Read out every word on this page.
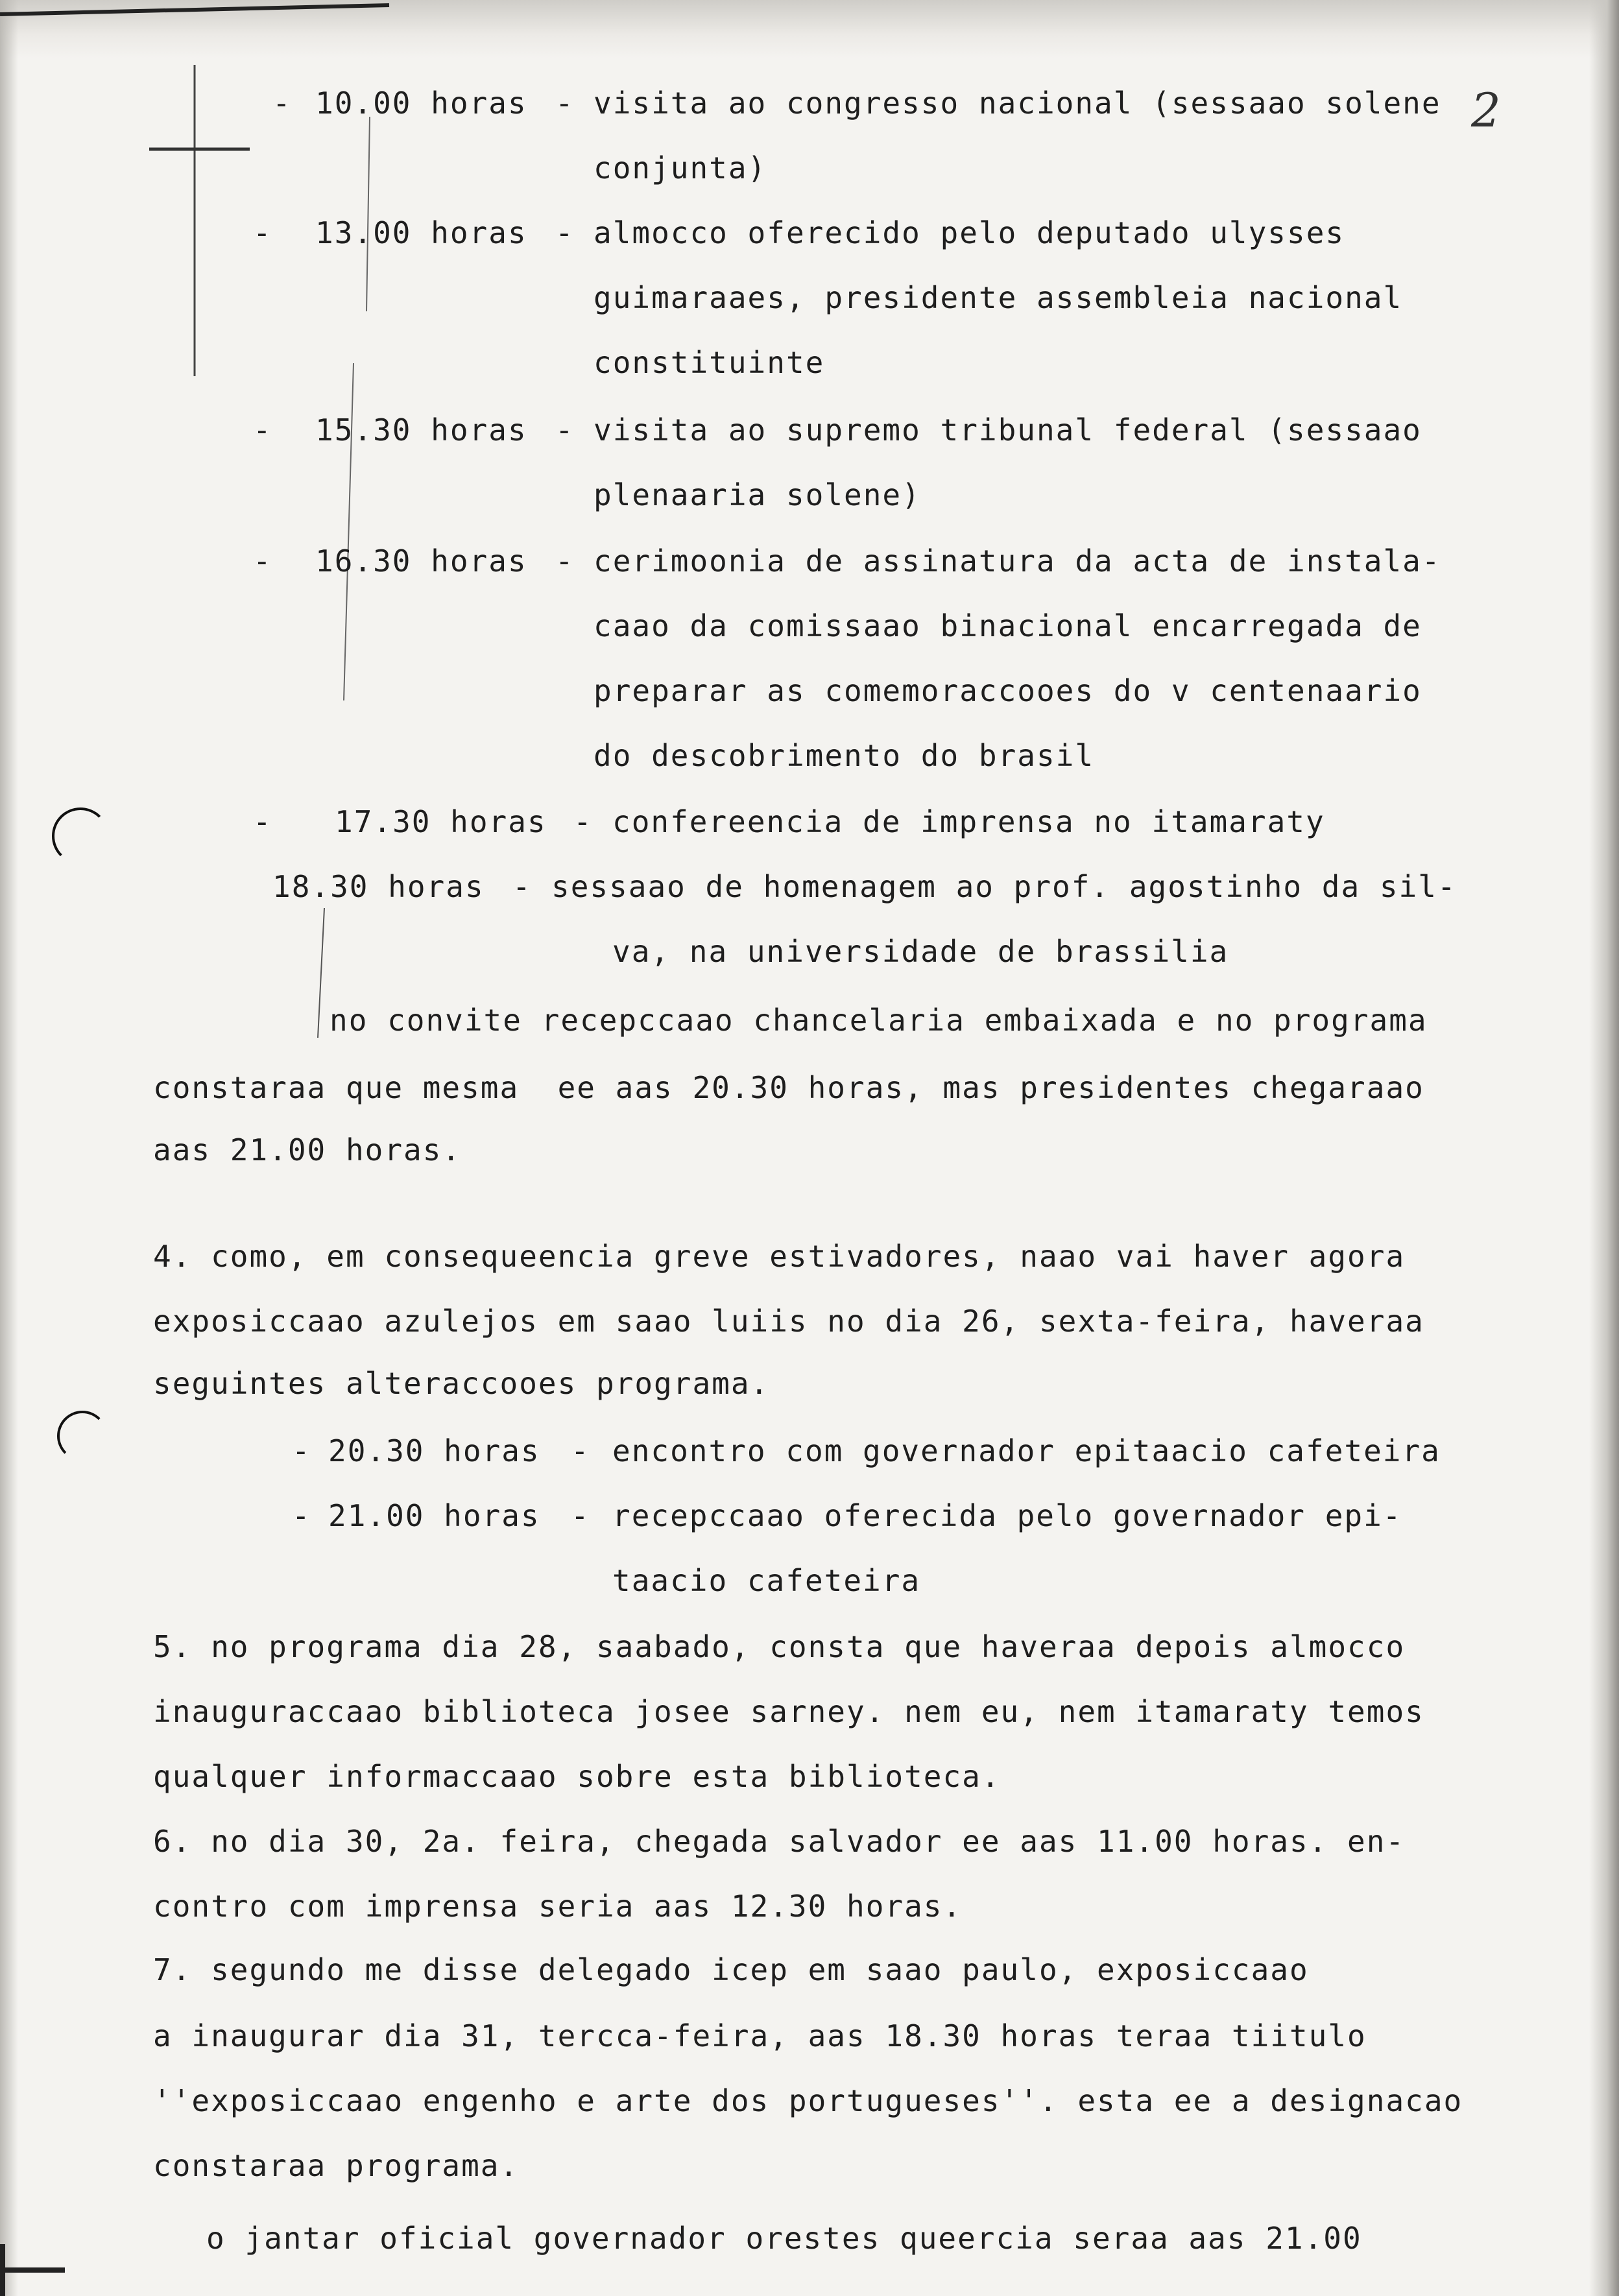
2
- 10.00 horas - visita ao congresso nacional (sessaao solene
conjunta)
- 13.00 horas - almocco oferecido pelo deputado ulysses
guimaraaes, presidente assembleia nacional
constituinte
- 15.30 horas - visita ao supremo tribunal federal (sessaao
plenaaria solene)
- 16.30 horas - cerimoonia de assinatura da acta de instala-
caao da comissaao binacional encarregada de
preparar as comemoraccooes do v centenaario
do descobrimento do brasil
- 17.30 horas - confereencia de imprensa no itamaraty
18.30 horas - sessaao de homenagem ao prof. agostinho da sil-
va, na universidade de brassilia
no convite recepccaao chancelaria embaixada e no programa
constaraa que mesma  ee aas 20.30 horas, mas presidentes chegaraao
aas 21.00 horas.
4. como, em consequeencia greve estivadores, naao vai haver agora
exposiccaao azulejos em saao luiis no dia 26, sexta-feira, haveraa
seguintes alteraccooes programa.
- 20.30 horas - encontro com governador epitaacio cafeteira
- 21.00 horas - recepccaao oferecida pelo governador epi-
taacio cafeteira
5. no programa dia 28, saabado, consta que haveraa depois almocco
inauguraccaao biblioteca josee sarney. nem eu, nem itamaraty temos
qualquer informaccaao sobre esta biblioteca.
6. no dia 30, 2a. feira, chegada salvador ee aas 11.00 horas. en-
contro com imprensa seria aas 12.30 horas.
7. segundo me disse delegado icep em saao paulo, exposiccaao
a inaugurar dia 31, tercca-feira, aas 18.30 horas teraa tiitulo
''exposiccaao engenho e arte dos portugueses''. esta ee a designacao
constaraa programa.
o jantar oficial governador orestes queercia seraa aas 21.00
